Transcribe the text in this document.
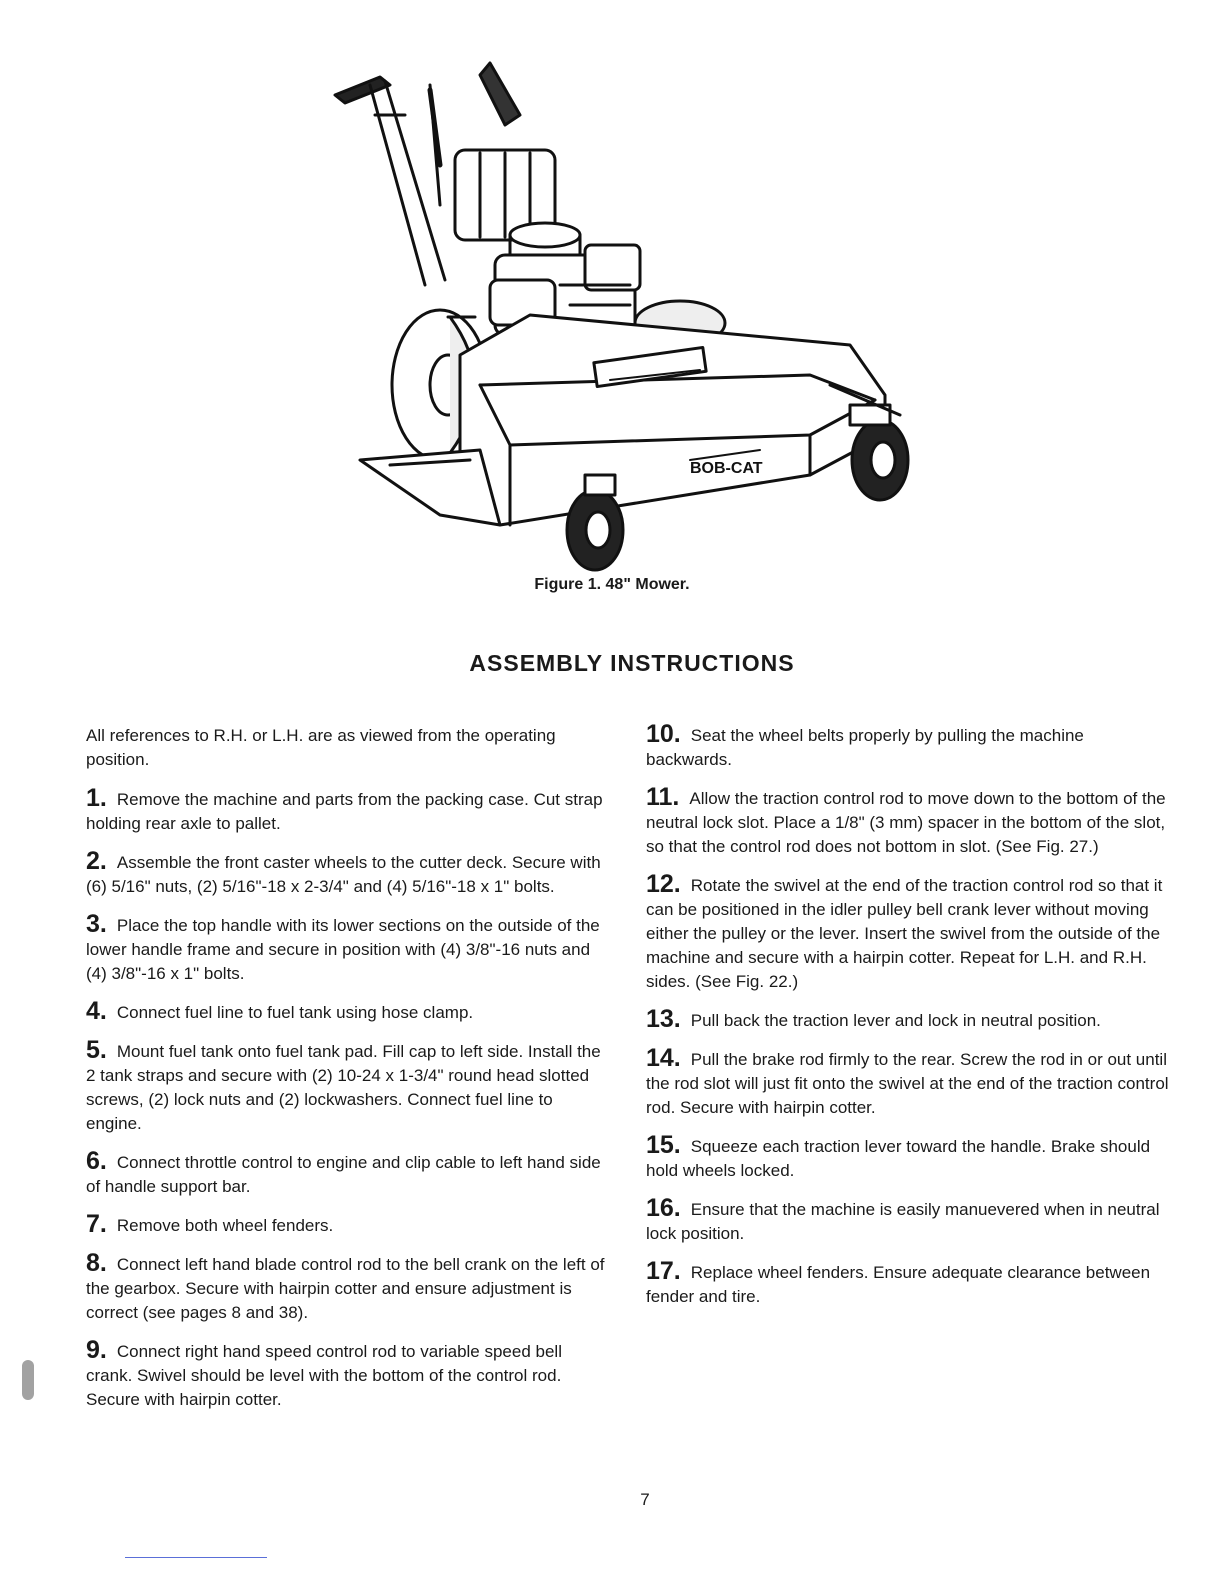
BOB-CAT
Figure 1. 48" Mower.
ASSEMBLY INSTRUCTIONS

All references to R.H. or L.H. are as viewed from the operating position.

1. Remove the machine and parts from the packing case. Cut strap holding rear axle to pallet.

2. Assemble the front caster wheels to the cutter deck. Secure with (6) 5/16" nuts, (2) 5/16"-18 x 2-3/4" and (4) 5/16"-18 x 1" bolts.

3. Place the top handle with its lower sections on the outside of the lower handle frame and secure in position with (4) 3/8"-16 nuts and (4) 3/8"-16 x 1" bolts.

4. Connect fuel line to fuel tank using hose clamp.

5. Mount fuel tank onto fuel tank pad. Fill cap to left side. Install the 2 tank straps and secure with (2) 10-24 x 1-3/4" round head slotted screws, (2) lock nuts and (2) lockwashers. Connect fuel line to engine.

6. Connect throttle control to engine and clip cable to left hand side of handle support bar.

7. Remove both wheel fenders.

8. Connect left hand blade control rod to the bell crank on the left of the gearbox. Secure with hairpin cotter and ensure adjustment is correct (see pages 8 and 38).

9. Connect right hand speed control rod to variable speed bell crank. Swivel should be level with the bottom of the control rod. Secure with hairpin cotter.

10. Seat the wheel belts properly by pulling the machine backwards.

11. Allow the traction control rod to move down to the bottom of the neutral lock slot. Place a 1/8" (3 mm) spacer in the bottom of the slot, so that the control rod does not bottom in slot. (See Fig. 27.)

12. Rotate the swivel at the end of the traction control rod so that it can be positioned in the idler pulley bell crank lever without moving either the pulley or the lever. Insert the swivel from the outside of the machine and secure with a hairpin cotter. Repeat for L.H. and R.H. sides. (See Fig. 22.)

13. Pull back the traction lever and lock in neutral position.

14. Pull the brake rod firmly to the rear. Screw the rod in or out until the rod slot will just fit onto the swivel at the end of the traction control rod. Secure with hairpin cotter.

15. Squeeze each traction lever toward the handle. Brake should hold wheels locked.

16. Ensure that the machine is easily manuevered when in neutral lock position.

17. Replace wheel fenders. Ensure adequate clearance between fender and tire.

7
